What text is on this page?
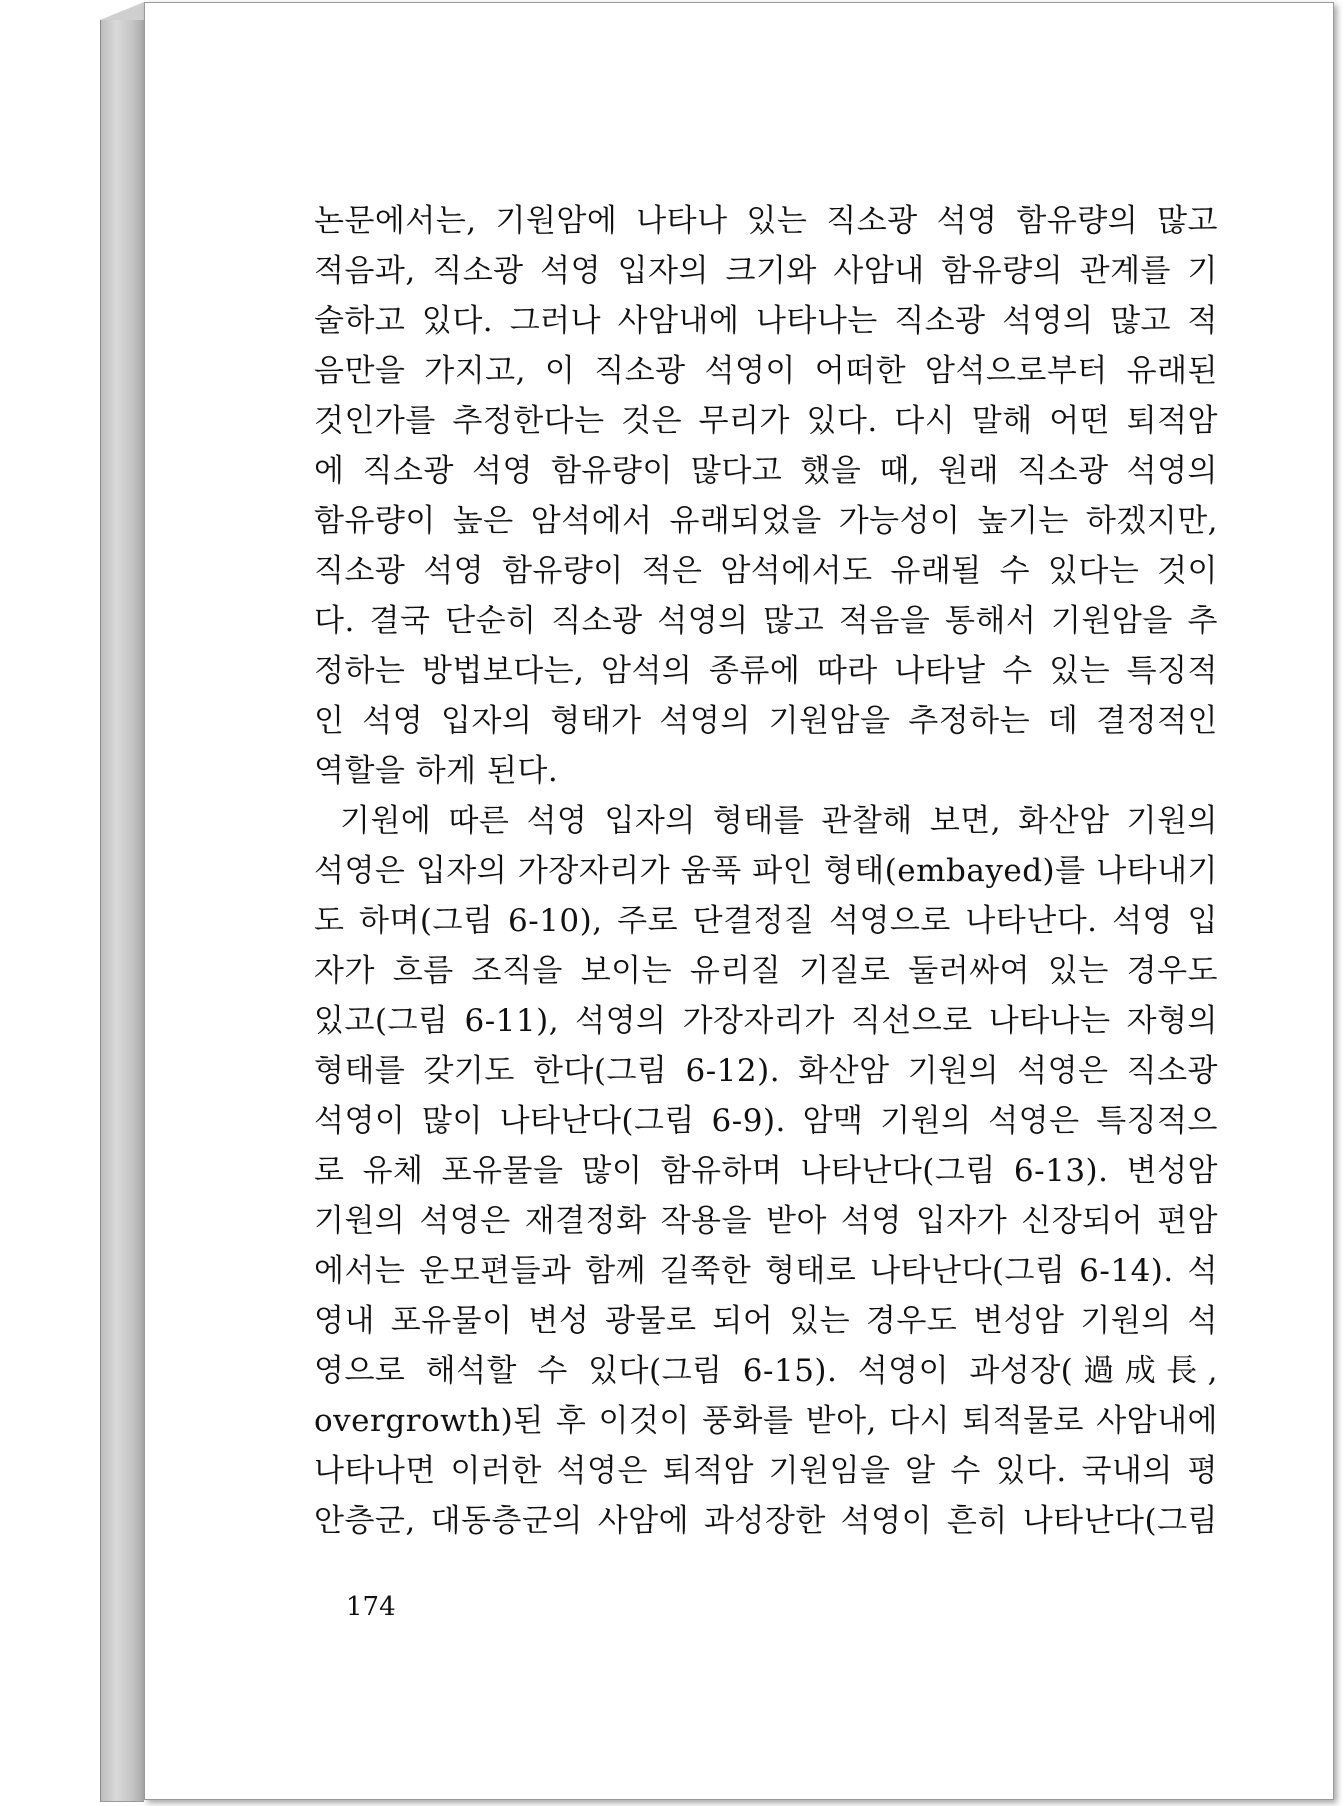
논문에서는, 기원암에 나타나 있는 직소광 석영 함유량의 많고
적음과, 직소광 석영 입자의 크기와 사암내 함유량의 관계를 기
술하고 있다. 그러나 사암내에 나타나는 직소광 석영의 많고 적
음만을 가지고, 이 직소광 석영이 어떠한 암석으로부터 유래된
것인가를 추정한다는 것은 무리가 있다. 다시 말해 어떤 퇴적암
에 직소광 석영 함유량이 많다고 했을 때, 원래 직소광 석영의
함유량이 높은 암석에서 유래되었을 가능성이 높기는 하겠지만,
직소광 석영 함유량이 적은 암석에서도 유래될 수 있다는 것이
다. 결국 단순히 직소광 석영의 많고 적음을 통해서 기원암을 추
정하는 방법보다는, 암석의 종류에 따라 나타날 수 있는 특징적
인 석영 입자의 형태가 석영의 기원암을 추정하는 데 결정적인
역할을 하게 된다.
기원에 따른 석영 입자의 형태를 관찰해 보면, 화산암 기원의
석영은 입자의 가장자리가 움푹 파인 형태(embayed)를 나타내기
도 하며(그림 6-10), 주로 단결정질 석영으로 나타난다. 석영 입
자가 흐름 조직을 보이는 유리질 기질로 둘러싸여 있는 경우도
있고(그림 6-11), 석영의 가장자리가 직선으로 나타나는 자형의
형태를 갖기도 한다(그림 6-12). 화산암 기원의 석영은 직소광
석영이 많이 나타난다(그림 6-9). 암맥 기원의 석영은 특징적으
로 유체 포유물을 많이 함유하며 나타난다(그림 6-13). 변성암
기원의 석영은 재결정화 작용을 받아 석영 입자가 신장되어 편암
에서는 운모편들과 함께 길쭉한 형태로 나타난다(그림 6-14). 석
영내 포유물이 변성 광물로 되어 있는 경우도 변성암 기원의 석
영으로 해석할 수 있다(그림 6-15). 석영이 과성장(過成長,
overgrowth)된 후 이것이 풍화를 받아, 다시 퇴적물로 사암내에
나타나면 이러한 석영은 퇴적암 기원임을 알 수 있다. 국내의 평
안층군, 대동층군의 사암에 과성장한 석영이 흔히 나타난다(그림
174
